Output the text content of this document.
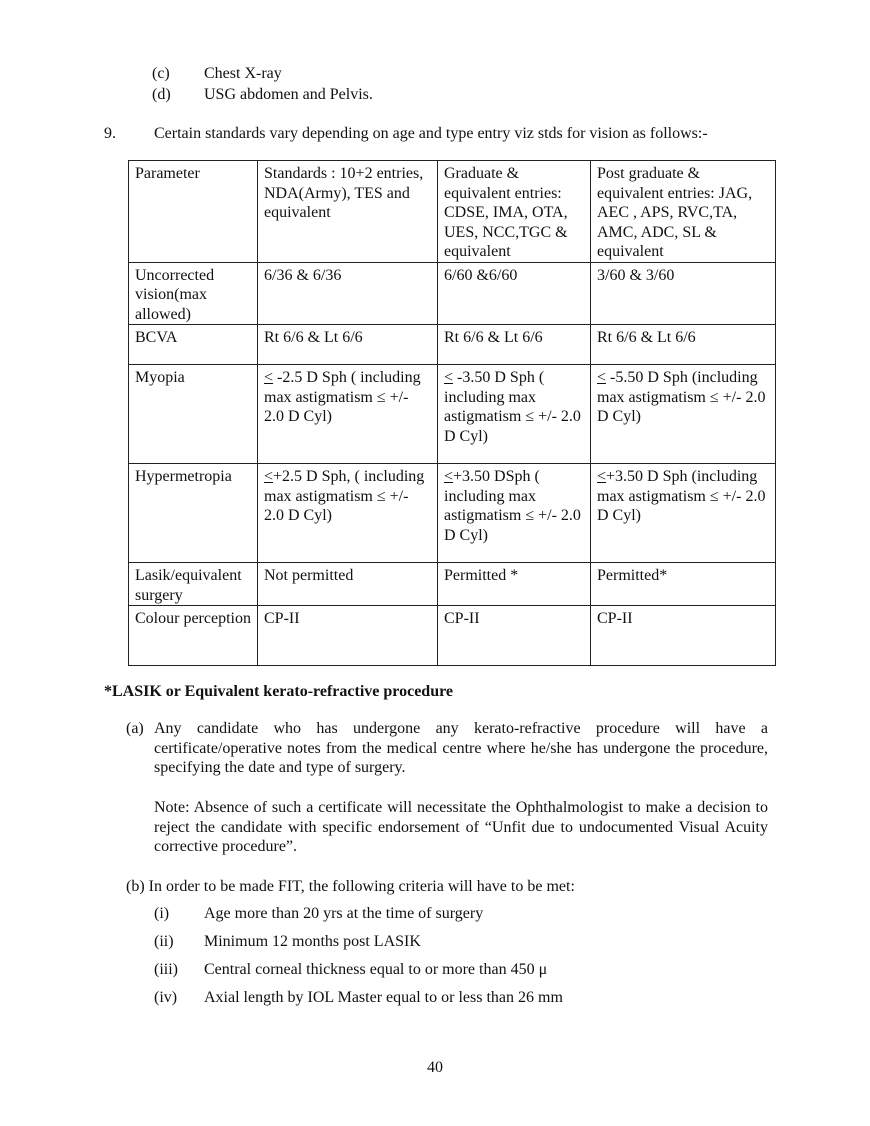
(c) Chest X-ray
(d) USG abdomen and Pelvis.
9. Certain standards vary depending on age and type entry viz stds for vision as follows:-
Parameter	Standards : 10+2 entries, NDA(Army), TES and equivalent	Graduate & equivalent entries: CDSE, IMA, OTA, UES, NCC,TGC & equivalent	Post graduate & equivalent entries: JAG, AEC , APS, RVC,TA, AMC, ADC, SL & equivalent
Uncorrected vision(max allowed)	6/36 & 6/36	6/60 &6/60	3/60 & 3/60
BCVA	Rt 6/6 & Lt 6/6	Rt 6/6 & Lt 6/6	Rt 6/6 & Lt 6/6
Myopia	≤ -2.5 D Sph ( including max astigmatism ≤ +/- 2.0 D Cyl)	≤ -3.50 D Sph ( including max astigmatism ≤ +/- 2.0 D Cyl)	≤ -5.50 D Sph (including max astigmatism ≤ +/- 2.0 D Cyl)
Hypermetropia	≤+2.5 D Sph, ( including max astigmatism ≤ +/- 2.0 D Cyl)	≤+3.50 DSph ( including max astigmatism ≤ +/- 2.0 D Cyl)	≤+3.50 D Sph (including max astigmatism ≤ +/- 2.0 D Cyl)
Lasik/equivalent surgery	Not permitted	Permitted *	Permitted*
Colour perception	CP-II	CP-II	CP-II
*LASIK or Equivalent kerato-refractive procedure
(a) Any candidate who has undergone any kerato-refractive procedure will have a certificate/operative notes from the medical centre where he/she has undergone the procedure, specifying the date and type of surgery.
Note: Absence of such a certificate will necessitate the Ophthalmologist to make a decision to reject the candidate with specific endorsement of “Unfit due to undocumented Visual Acuity corrective procedure”.
(b) In order to be made FIT, the following criteria will have to be met:
(i) Age more than 20 yrs at the time of surgery
(ii) Minimum 12 months post LASIK
(iii) Central corneal thickness equal to or more than 450 μ
(iv) Axial length by IOL Master equal to or less than 26 mm
40
